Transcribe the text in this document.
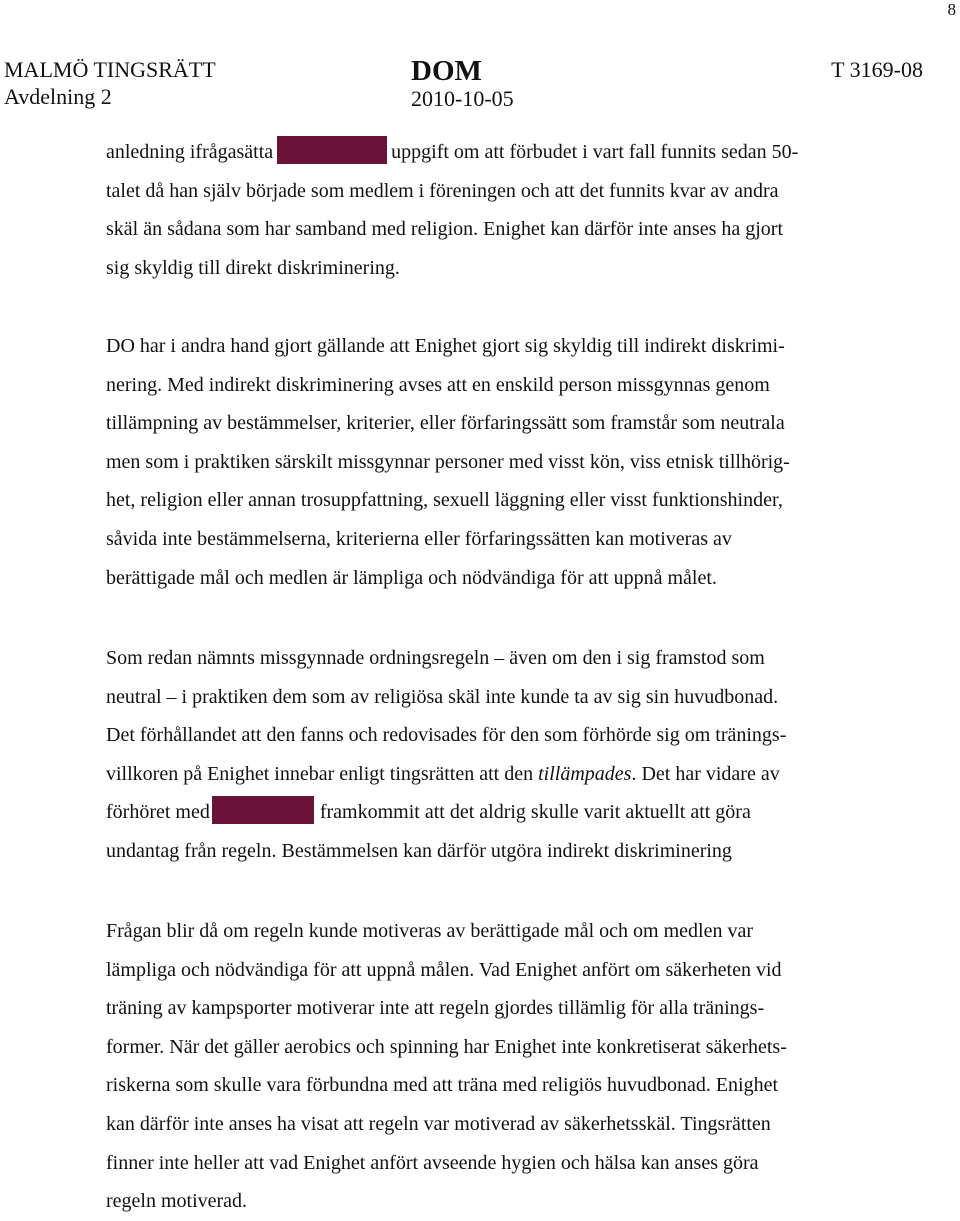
8
MALMÖ TINGSRÄTT
Avdelning 2
DOM
2010-10-05
T 3169-08
anledning ifrågasätta	uppgift om att förbudet i vart fall funnits sedan 50-
talet då han själv började som medlem i föreningen och att det funnits kvar av andra
skäl än sådana som har samband med religion. Enighet kan därför inte anses ha gjort
sig skyldig till direkt diskriminering.
DO har i andra hand gjort gällande att Enighet gjort sig skyldig till indirekt diskrimi-
nering. Med indirekt diskriminering avses att en enskild person missgynnas genom
tillämpning av bestämmelser, kriterier, eller förfaringssätt som framstår som neutrala
men som i praktiken särskilt missgynnar personer med visst kön, viss etnisk tillhörig-
het, religion eller annan trosuppfattning, sexuell läggning eller visst funktionshinder,
såvida inte bestämmelserna, kriterierna eller förfaringssätten kan motiveras av
berättigade mål och medlen är lämpliga och nödvändiga för att uppnå målet.
Som redan nämnts missgynnade ordningsregeln – även om den i sig framstod som
neutral – i praktiken dem som av religiösa skäl inte kunde ta av sig sin huvudbonad.
Det förhållandet att den fanns och redovisades för den som förhörde sig om tränings-
villkoren på Enighet innebar enligt tingsrätten att den tillämpades. Det har vidare av
förhöret med	framkommit att det aldrig skulle varit aktuellt att göra
undantag från regeln. Bestämmelsen kan därför utgöra indirekt diskriminering
Frågan blir då om regeln kunde motiveras av berättigade mål och om medlen var
lämpliga och nödvändiga för att uppnå målen. Vad Enighet anfört om säkerheten vid
träning av kampsporter motiverar inte att regeln gjordes tillämlig för alla tränings-
former. När det gäller aerobics och spinning har Enighet inte konkretiserat säkerhets-
riskerna som skulle vara förbundna med att träna med religiös huvudbonad. Enighet
kan därför inte anses ha visat att regeln var motiverad av säkerhetsskäl. Tingsrätten
finner inte heller att vad Enighet anfört avseende hygien och hälsa kan anses göra
regeln motiverad.
